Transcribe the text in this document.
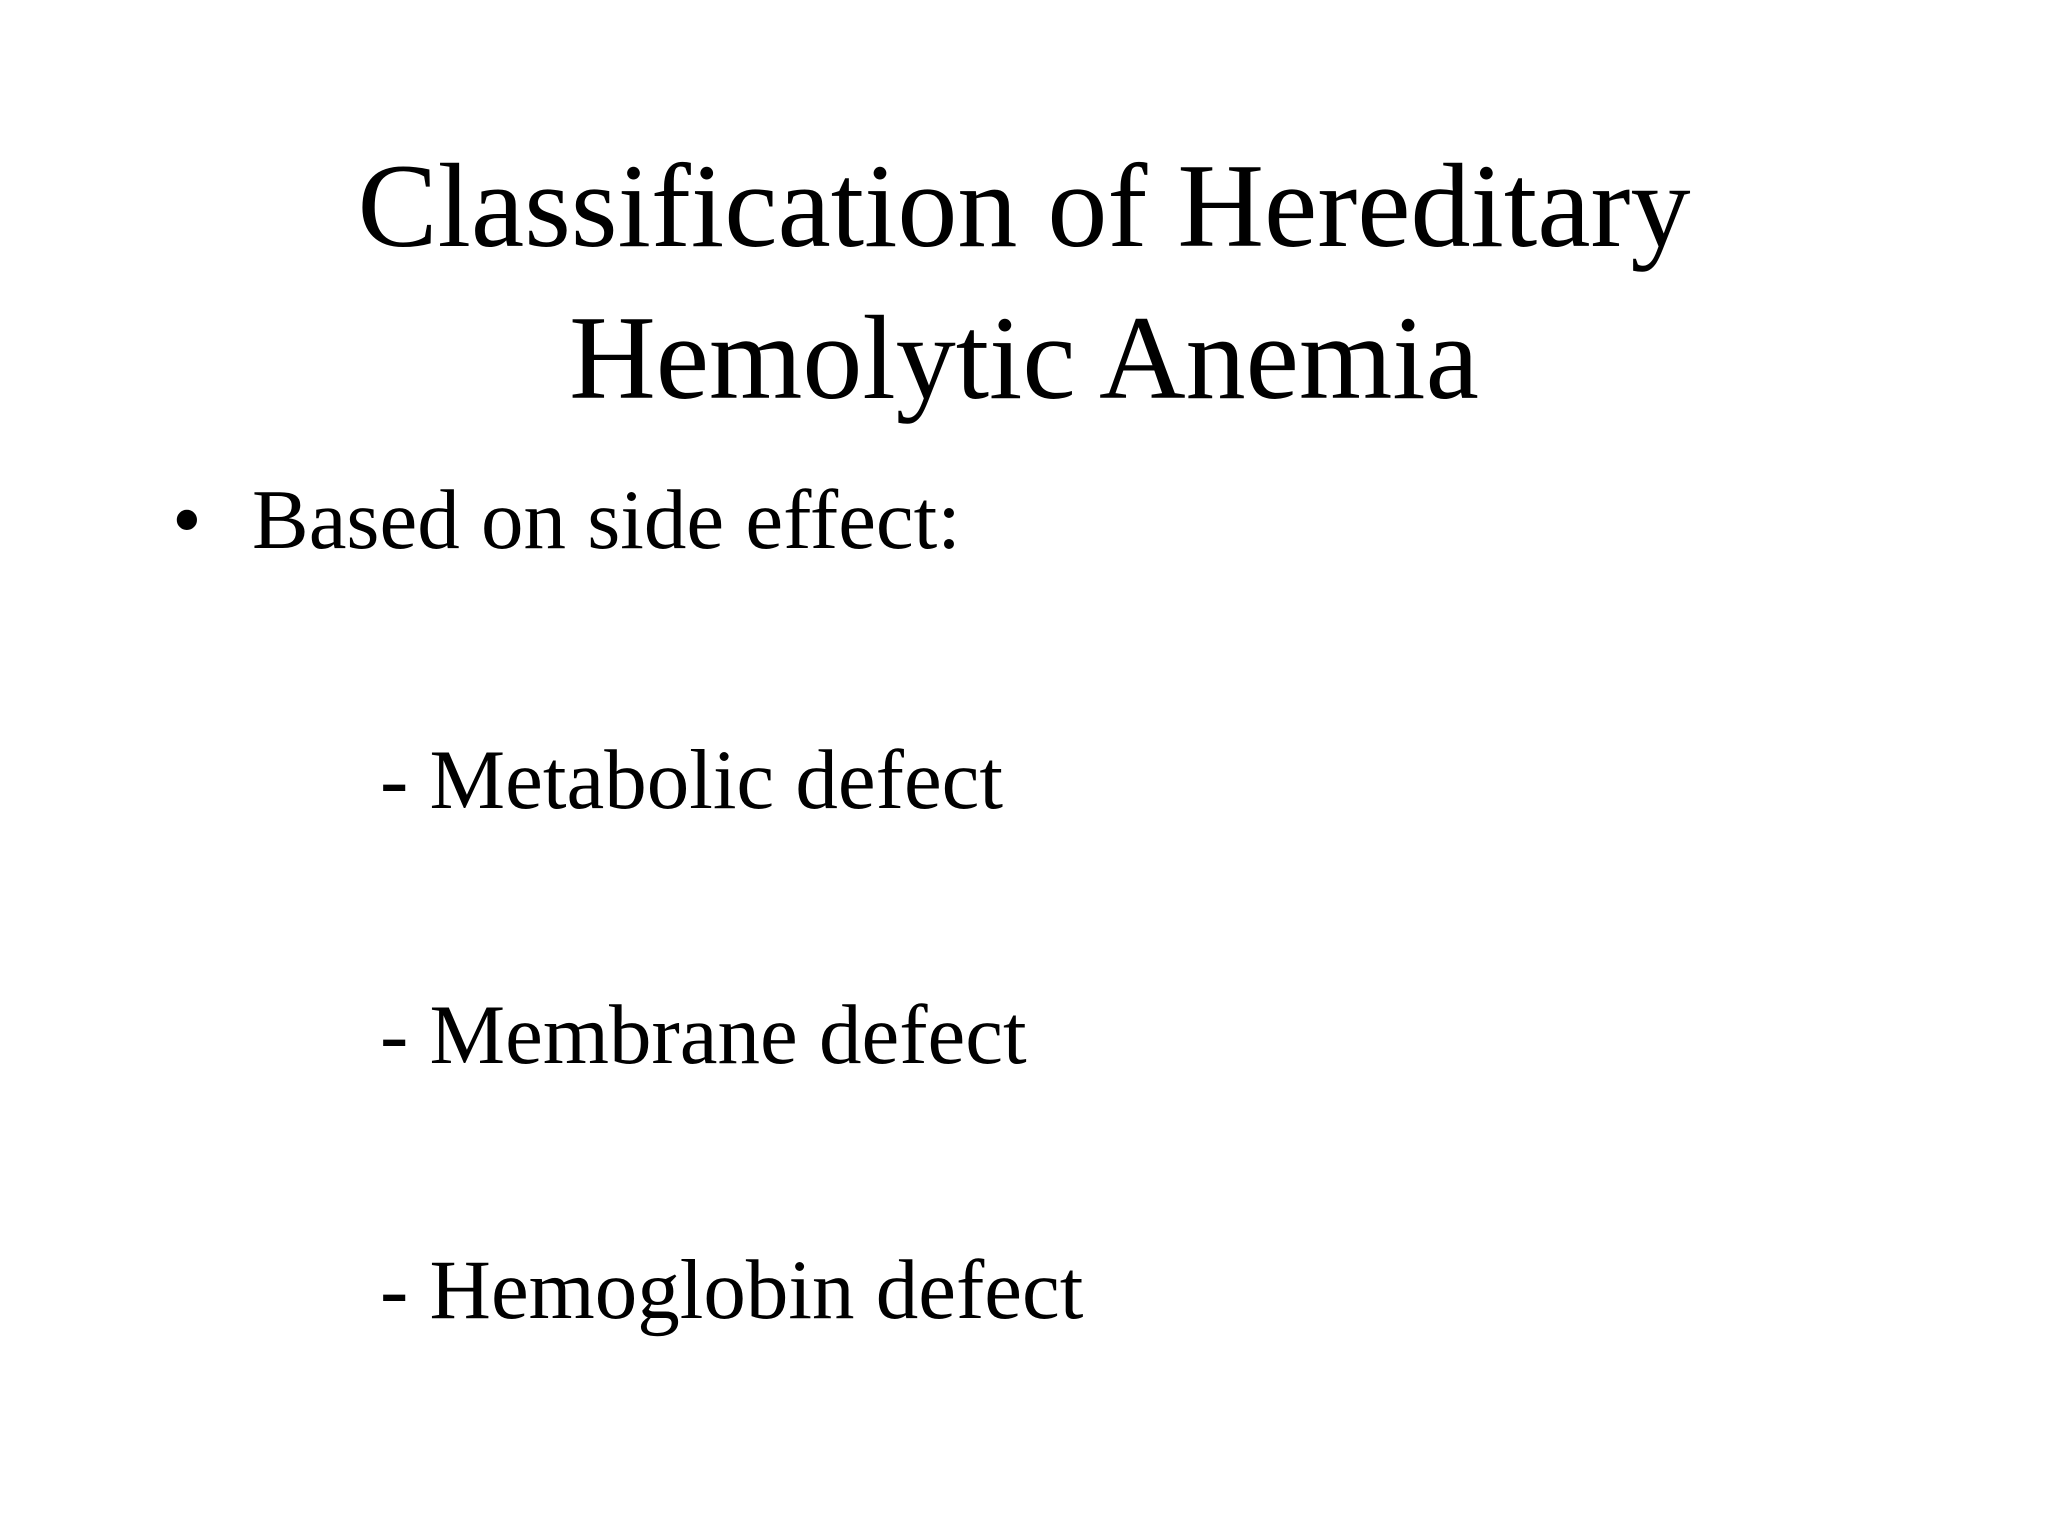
Classification of Hereditary
Hemolytic Anemia
• Based on side effect:
- Metabolic defect
- Membrane defect
- Hemoglobin defect
